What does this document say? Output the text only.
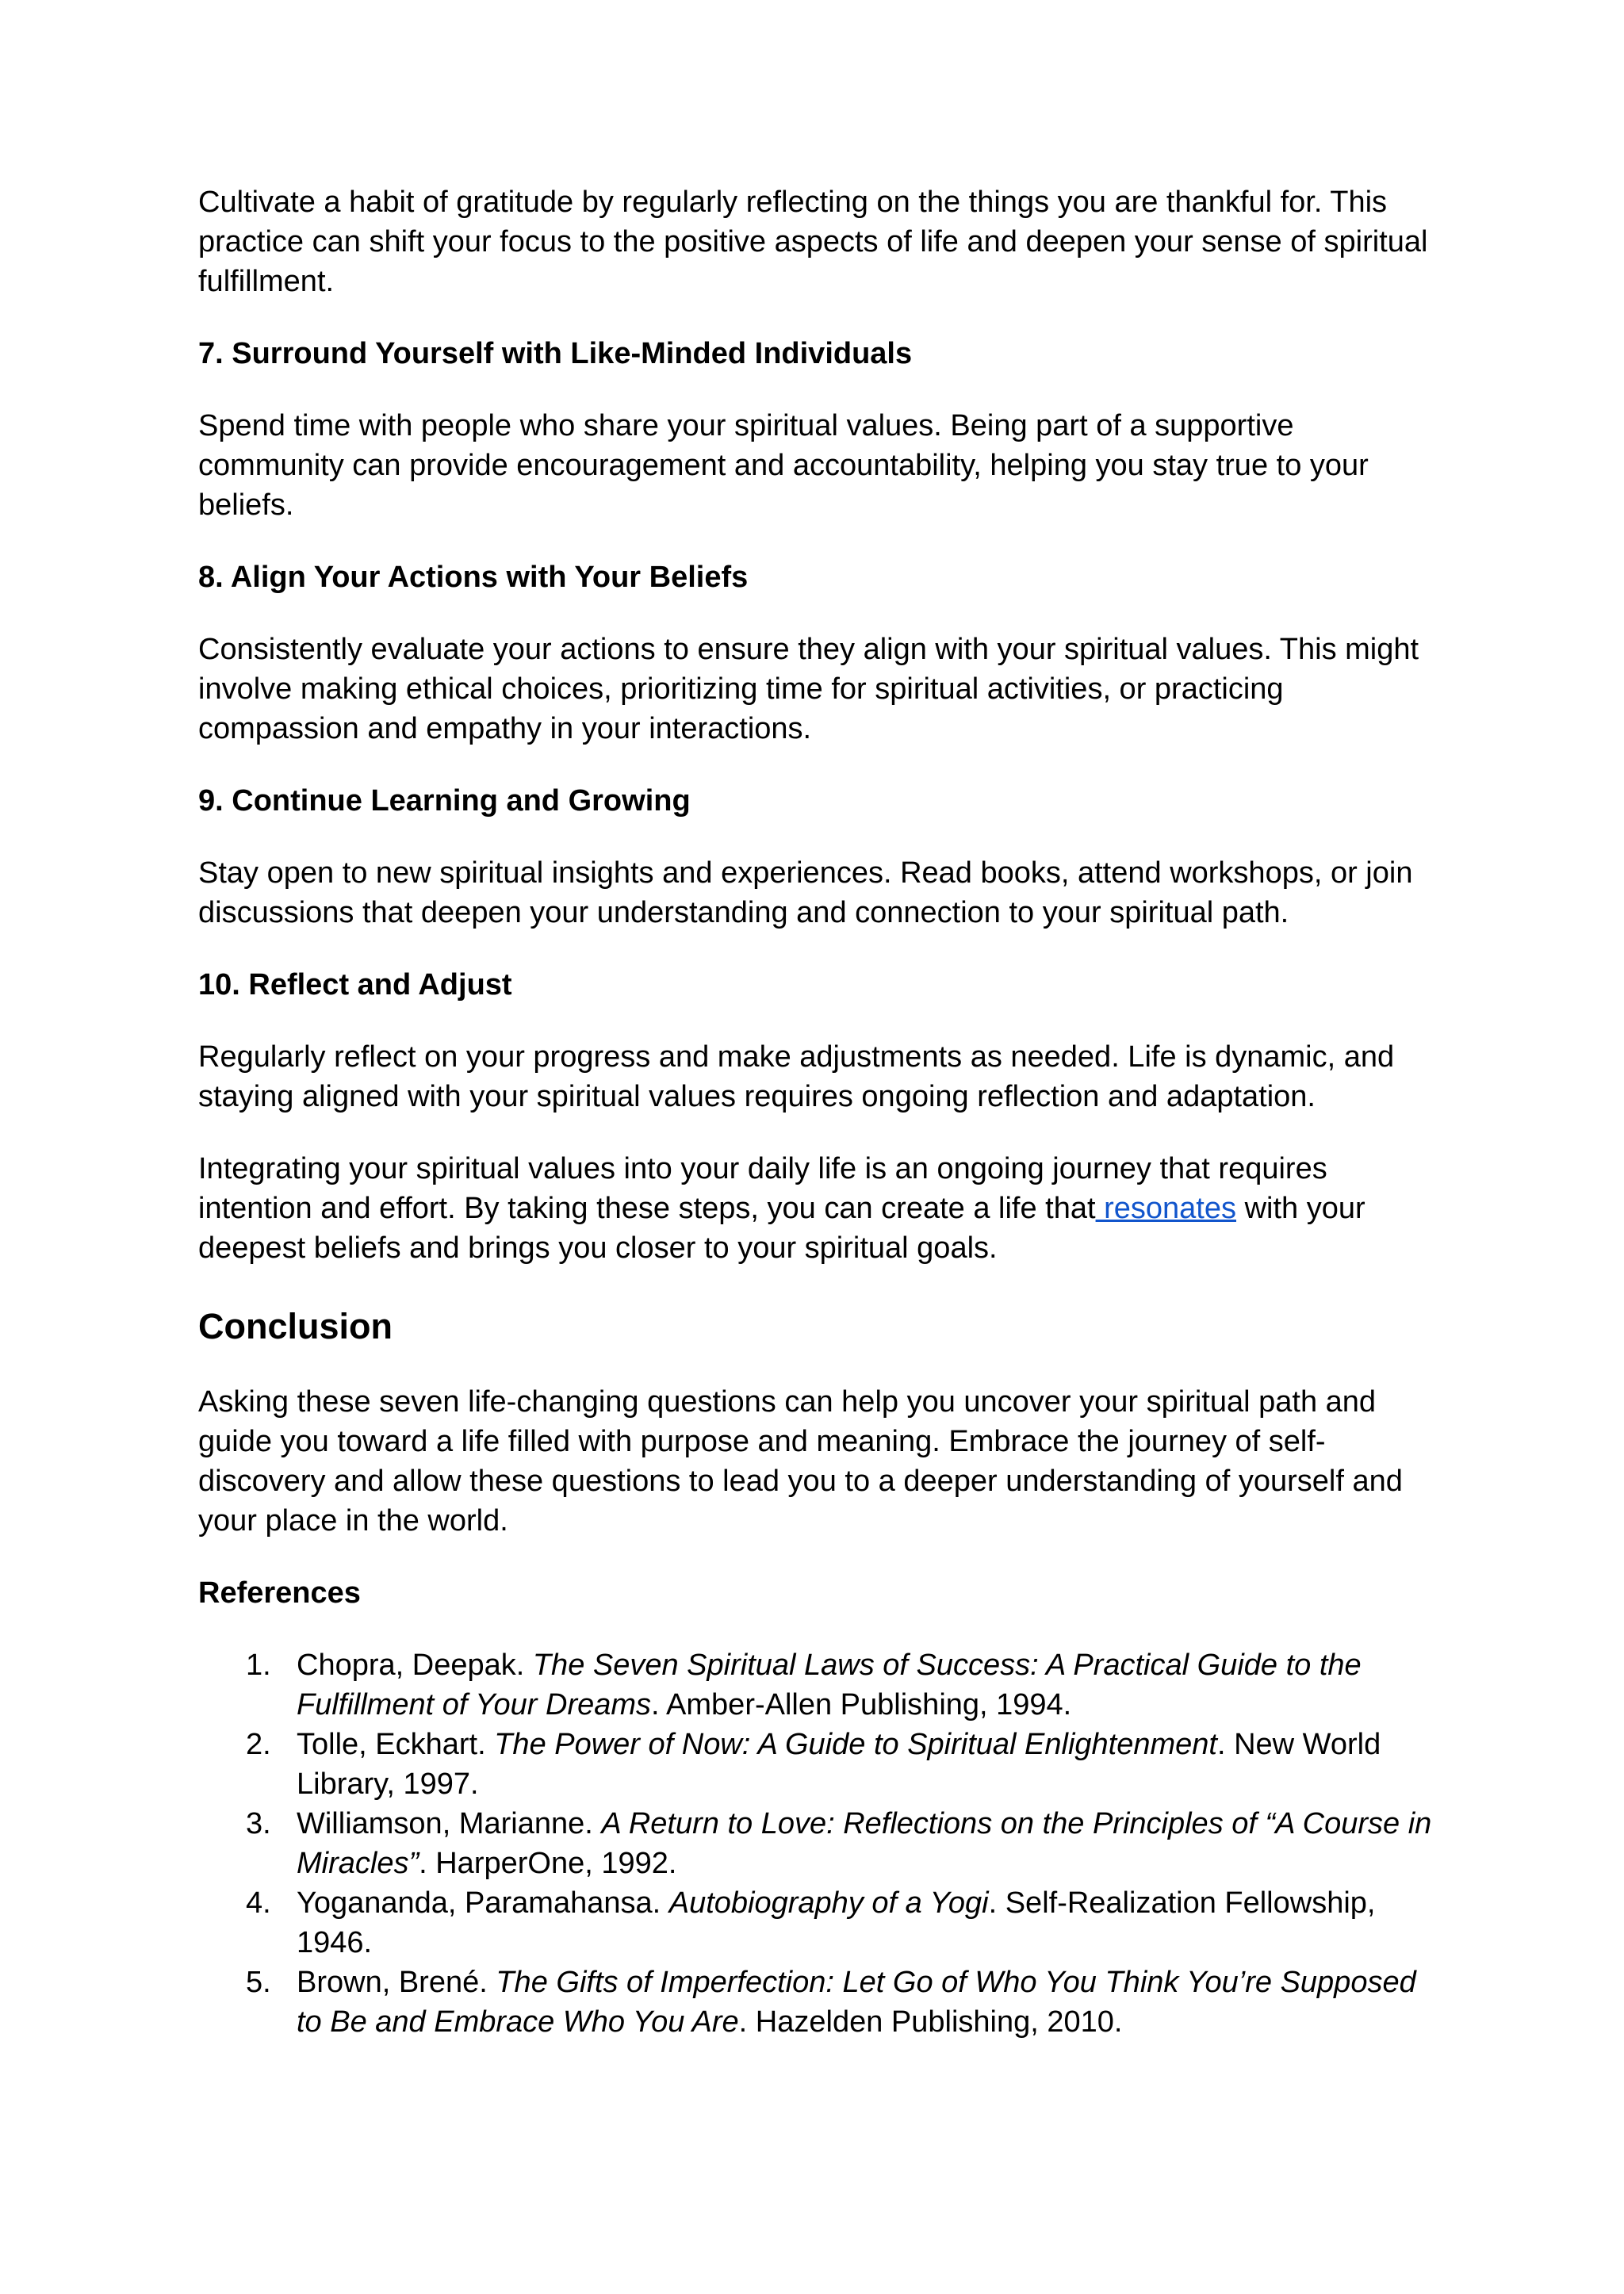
Cultivate a habit of gratitude by regularly reflecting on the things you are thankful for. This practice can shift your focus to the positive aspects of life and deepen your sense of spiritual fulfillment.

7. Surround Yourself with Like-Minded Individuals

Spend time with people who share your spiritual values. Being part of a supportive community can provide encouragement and accountability, helping you stay true to your beliefs.

8. Align Your Actions with Your Beliefs

Consistently evaluate your actions to ensure they align with your spiritual values. This might involve making ethical choices, prioritizing time for spiritual activities, or practicing compassion and empathy in your interactions.

9. Continue Learning and Growing

Stay open to new spiritual insights and experiences. Read books, attend workshops, or join discussions that deepen your understanding and connection to your spiritual path.

10. Reflect and Adjust

Regularly reflect on your progress and make adjustments as needed. Life is dynamic, and staying aligned with your spiritual values requires ongoing reflection and adaptation.

Integrating your spiritual values into your daily life is an ongoing journey that requires intention and effort. By taking these steps, you can create a life that resonates with your deepest beliefs and brings you closer to your spiritual goals.

Conclusion

Asking these seven life-changing questions can help you uncover your spiritual path and guide you toward a life filled with purpose and meaning. Embrace the journey of self-discovery and allow these questions to lead you to a deeper understanding of yourself and your place in the world.

References
1. Chopra, Deepak. The Seven Spiritual Laws of Success: A Practical Guide to the Fulfillment of Your Dreams. Amber-Allen Publishing, 1994.
2. Tolle, Eckhart. The Power of Now: A Guide to Spiritual Enlightenment. New World Library, 1997.
3. Williamson, Marianne. A Return to Love: Reflections on the Principles of “A Course in Miracles”. HarperOne, 1992.
4. Yogananda, Paramahansa. Autobiography of a Yogi. Self-Realization Fellowship, 1946.
5. Brown, Brené. The Gifts of Imperfection: Let Go of Who You Think You’re Supposed to Be and Embrace Who You Are. Hazelden Publishing, 2010.
